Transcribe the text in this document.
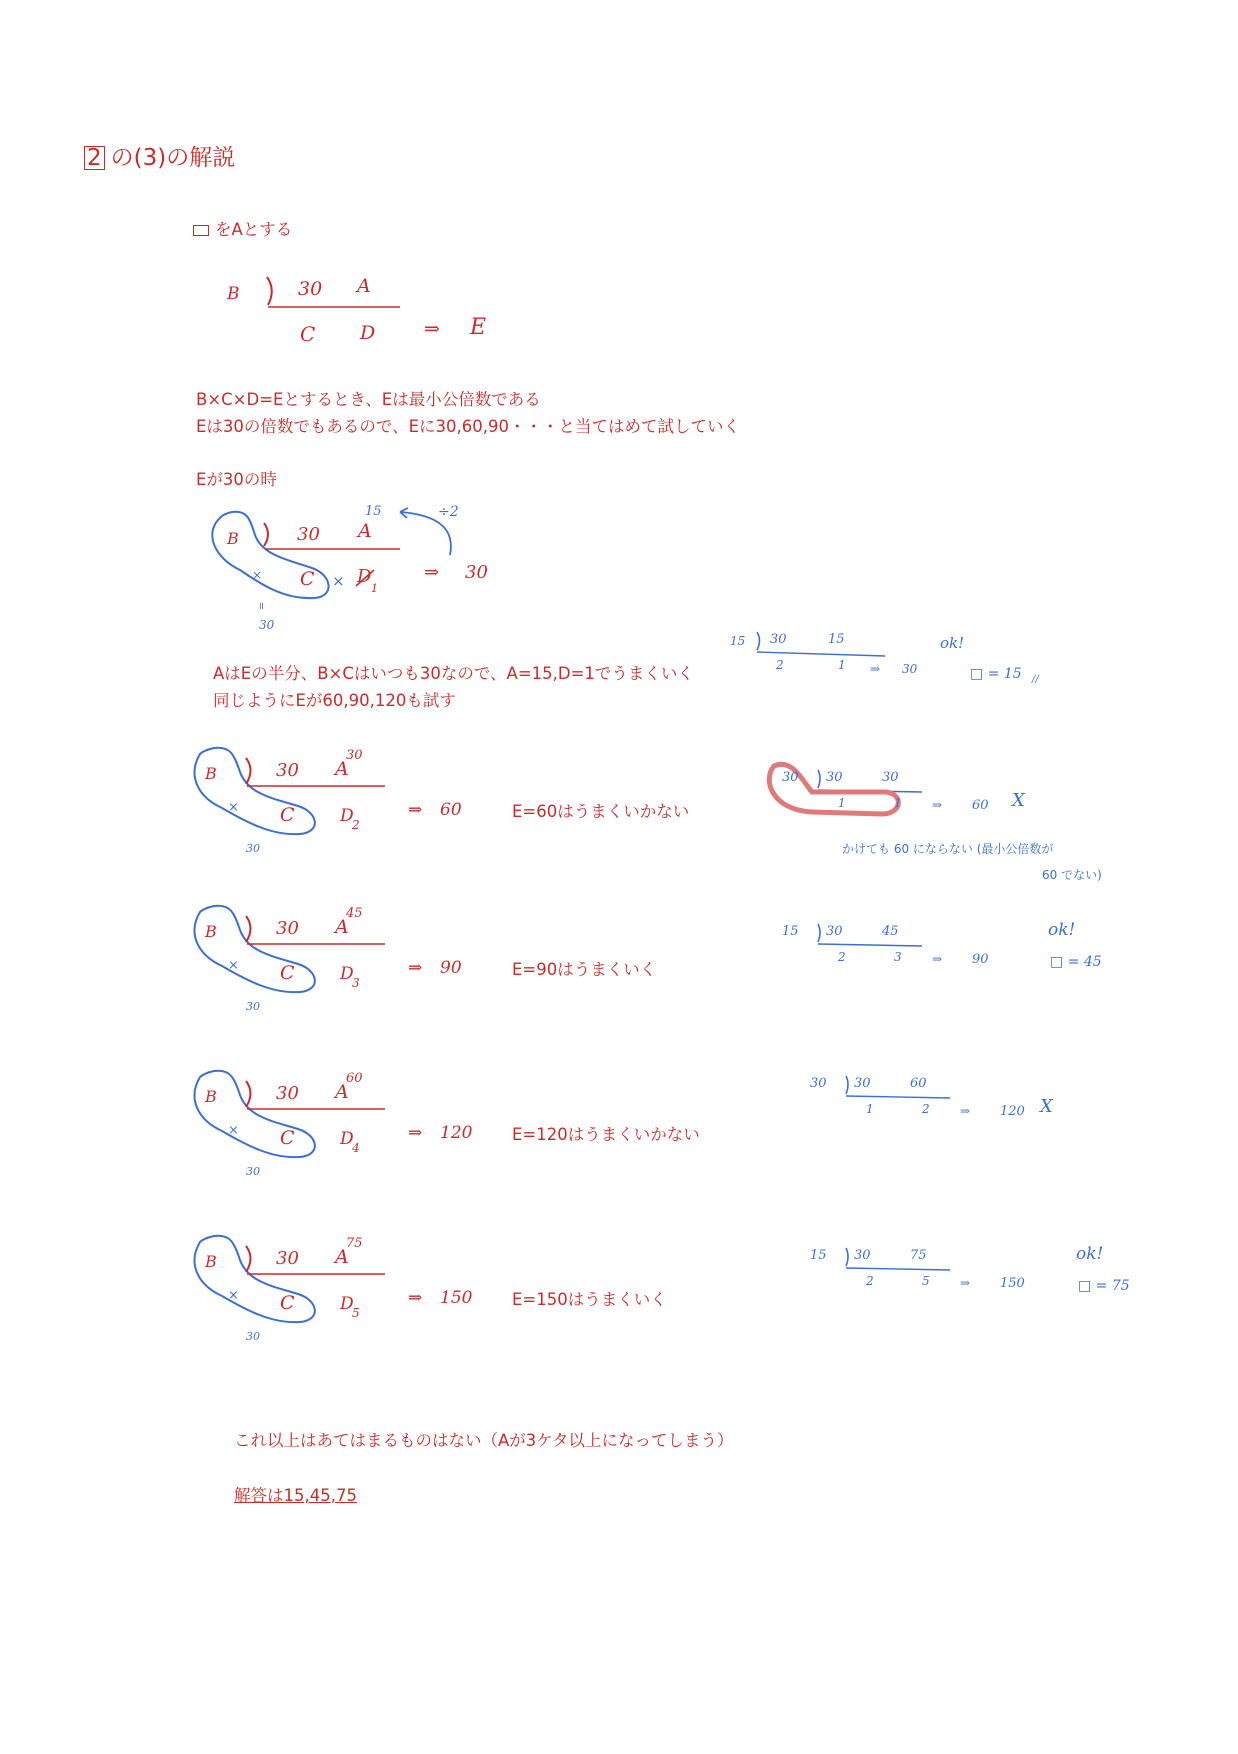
2 の(3)の解説
をAとする
B	30 A
C D	⇒ E
B×C×D=Eとするとき、Eは最小公倍数である
Eは30の倍数でもあるので、Eに30,60,90・・・と当てはめて試していく
Eが30の時
B	30 A
15	÷2
× C × D
1
⇒ 30
॥
30
15 30	15
2	1 ⇒ 30
ok!
□ = 15 //
AはEの半分、B×Cはいつも30なので、A=15,D=1でうまくいく
同じようにEが60,90,120も試す
B	30 A
30
× C	D
2
30
⇒ 60	E=60はうまくいかない
30 30	30
1	1	⇒ 60 X
かけても 60 にならない (最小公倍数が
60 でない)
B	30 A
45
× C	D
3
30
⇒ 90	E=90はうまくいく
15 30	45
2	3	⇒ 90
ok!
□ = 45
B	30 A
60
× C	D
4
30
⇒ 120 E=120はうまくいかない
30 30	60
1	2	⇒ 120 X
B	30 A
75
× C	D
5
30
⇒ 150 E=150はうまくいく
15 30	75
2	5	⇒ 150
ok!
□ = 75
これ以上はあてはまるものはない（Aが3ケタ以上になってしまう）
解答は15,45,75
